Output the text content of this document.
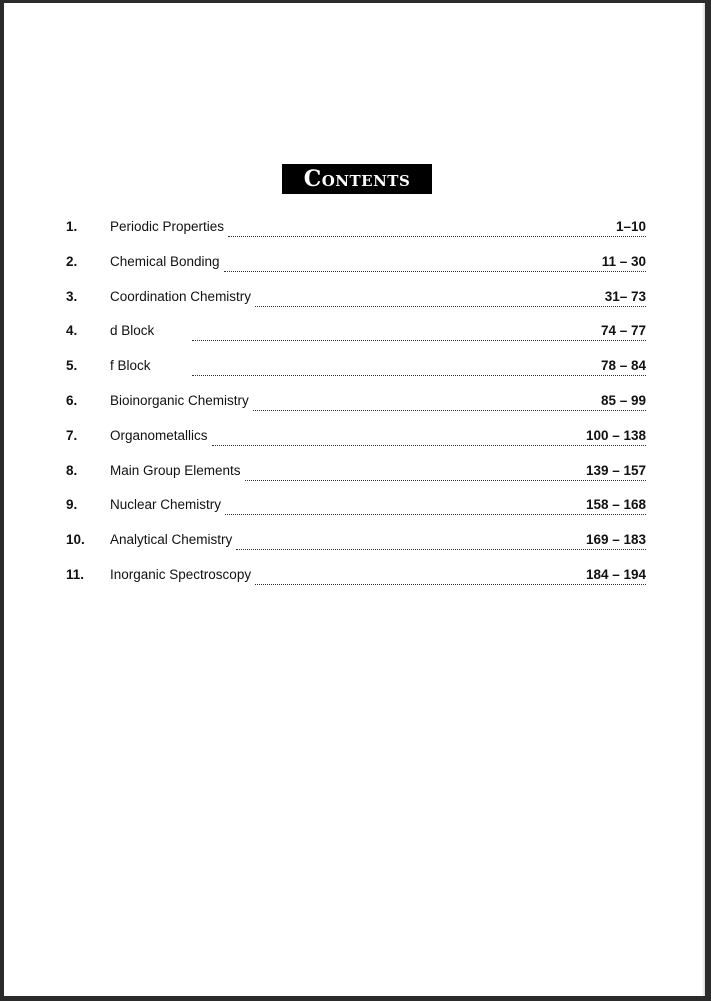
Contents
1. Periodic Properties	1–10
2. Chemical Bonding	11 – 30
3. Coordination Chemistry	31– 73
4. d Block	74 – 77
5. f Block	78 – 84
6. Bioinorganic Chemistry	85 – 99
7. Organometallics	100 – 138
8. Main Group Elements	139 – 157
9. Nuclear Chemistry	158 – 168
10. Analytical Chemistry	169 – 183
11. Inorganic Spectroscopy	184 – 194
